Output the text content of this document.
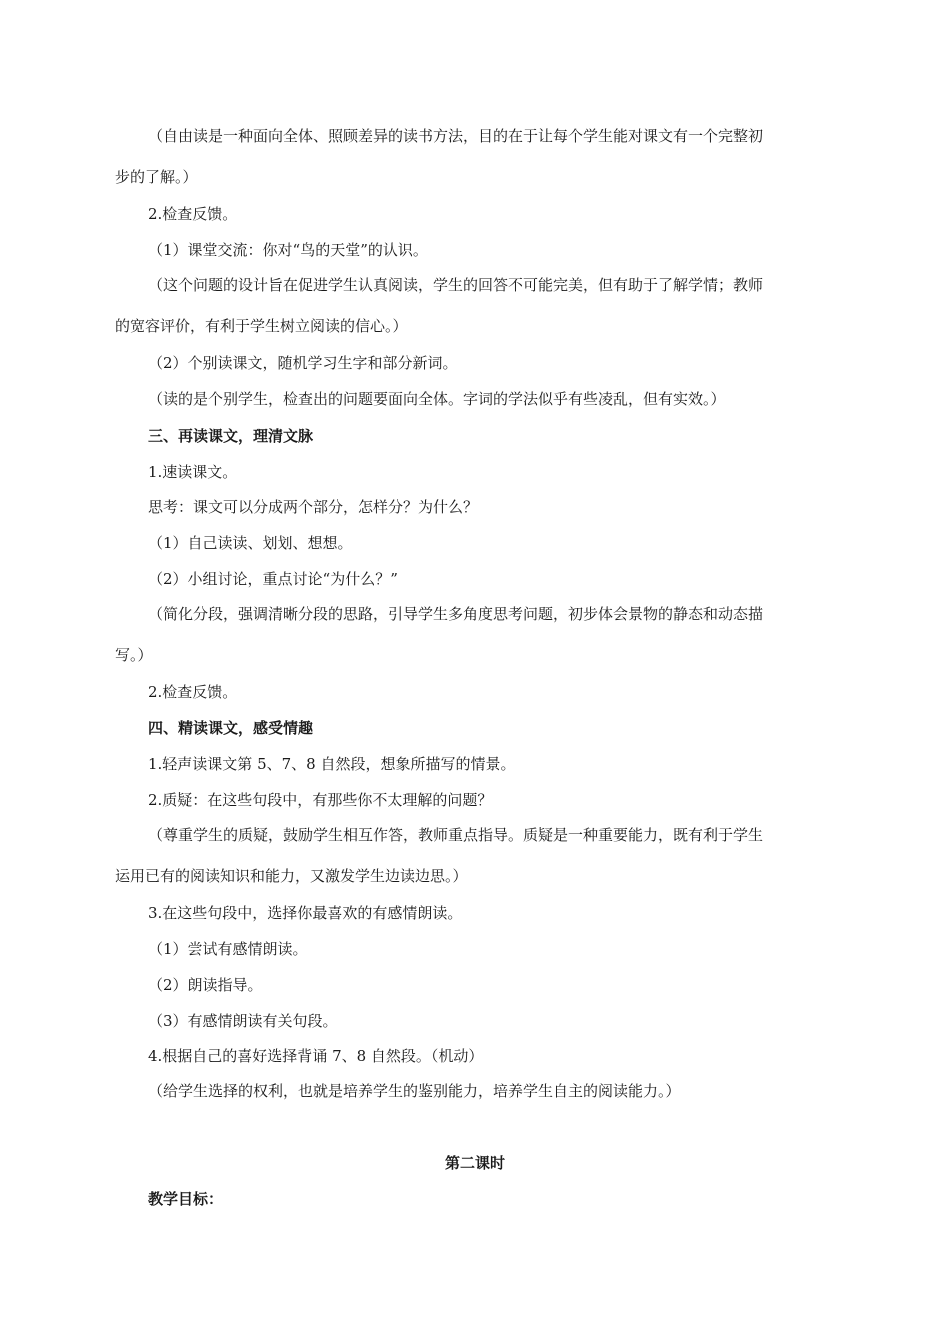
（自由读是一种面向全体、照顾差异的读书方法，目的在于让每个学生能对课文有一个完整初
步的了解。）
2.检查反馈。
（1）课堂交流：你对“鸟的天堂”的认识。
（这个问题的设计旨在促进学生认真阅读，学生的回答不可能完美，但有助于了解学情；教师
的宽容评价，有利于学生树立阅读的信心。）
（2）个别读课文，随机学习生字和部分新词。
（读的是个别学生，检查出的问题要面向全体。字词的学法似乎有些凌乱，但有实效。）
三、再读课文，理清文脉
1.速读课文。
思考：课文可以分成两个部分，怎样分？为什么？
（1）自己读读、划划、想想。
（2）小组讨论，重点讨论“为什么？”
（简化分段，强调清晰分段的思路，引导学生多角度思考问题，初步体会景物的静态和动态描
写。）
2.检查反馈。
四、精读课文，感受情趣
1.轻声读课文第 5、7、8 自然段，想象所描写的情景。
2.质疑：在这些句段中，有那些你不太理解的问题？
（尊重学生的质疑，鼓励学生相互作答，教师重点指导。质疑是一种重要能力，既有利于学生
运用已有的阅读知识和能力，又激发学生边读边思。）
3.在这些句段中，选择你最喜欢的有感情朗读。
（1）尝试有感情朗读。
（2）朗读指导。
（3）有感情朗读有关句段。
4.根据自己的喜好选择背诵 7、8 自然段。（机动）
（给学生选择的权利，也就是培养学生的鉴别能力，培养学生自主的阅读能力。）
第二课时
教学目标：
